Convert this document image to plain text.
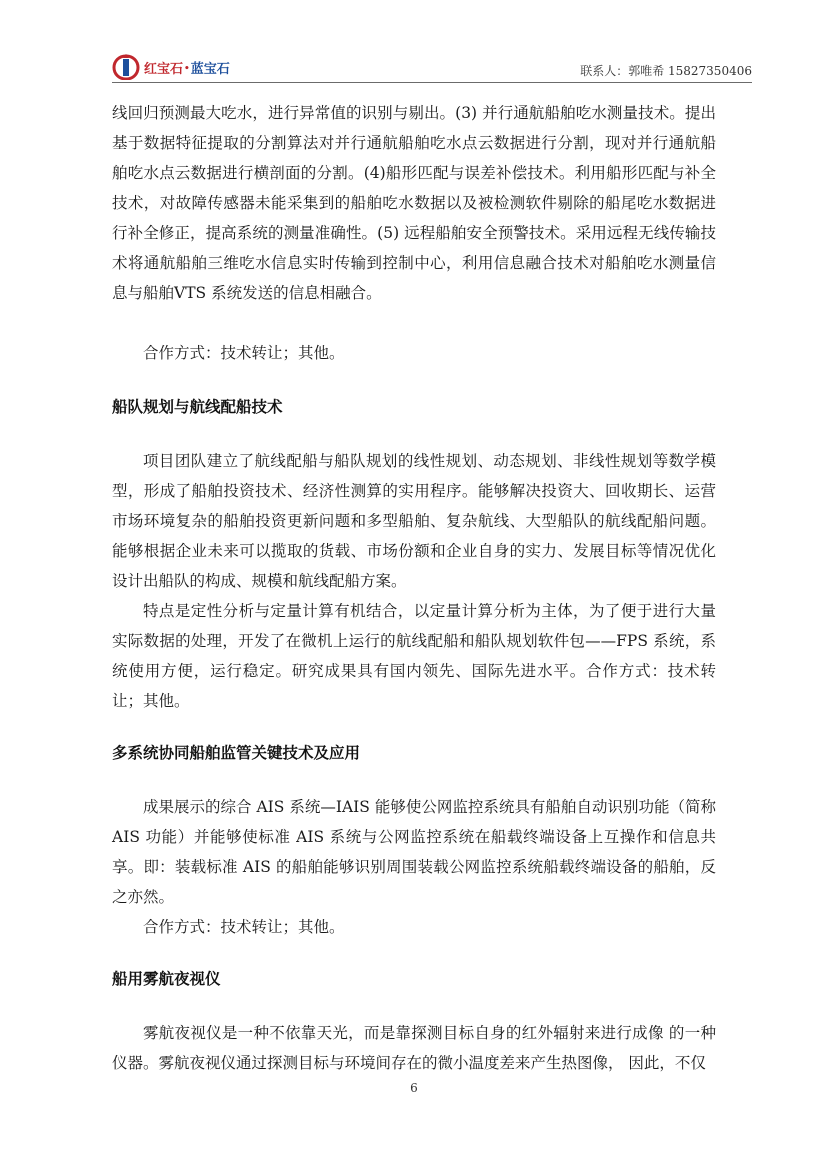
红宝石•蓝宝石	联系人：郭唯希 15827350406

线回归预测最大吃水，进行异常值的识别与剔出。(3) 并行通航船舶吃水测量技术。提出基于数据特征提取的分割算法对并行通航船舶吃水点云数据进行分割，现对并行通航船舶吃水点云数据进行横剖面的分割。(4)船形匹配与误差补偿技术。利用船形匹配与补全技术，对故障传感器未能采集到的船舶吃水数据以及被检测软件剔除的船尾吃水数据进行补全修正，提高系统的测量准确性。(5) 远程船舶安全预警技术。采用远程无线传输技术将通航船舶三维吃水信息实时传输到控制中心，利用信息融合技术对船舶吃水测量信息与船舶VTS 系统发送的信息相融合。

合作方式：技术转让；其他。

船队规划与航线配船技术

项目团队建立了航线配船与船队规划的线性规划、动态规划、非线性规划等数学模型，形成了船舶投资技术、经济性测算的实用程序。能够解决投资大、回收期长、运营市场环境复杂的船舶投资更新问题和多型船舶、复杂航线、大型船队的航线配船问题。能够根据企业未来可以揽取的货载、市场份额和企业自身的实力、发展目标等情况优化设计出船队的构成、规模和航线配船方案。

特点是定性分析与定量计算有机结合，以定量计算分析为主体，为了便于进行大量实际数据的处理，开发了在微机上运行的航线配船和船队规划软件包——FPS 系统，系统使用方便，运行稳定。研究成果具有国内领先、国际先进水平。合作方式：技术转让；其他。

多系统协同船舶监管关键技术及应用

成果展示的综合 AIS 系统—IAIS 能够使公网监控系统具有船舶自动识别功能（简称 AIS 功能）并能够使标准 AIS 系统与公网监控系统在船载终端设备上互操作和信息共享。即：装载标准 AIS 的船舶能够识别周围装载公网监控系统船载终端设备的船舶，反之亦然。

合作方式：技术转让；其他。

船用雾航夜视仪

雾航夜视仪是一种不依靠天光，而是靠探测目标自身的红外辐射来进行成像 的一种仪器。雾航夜视仪通过探测目标与环境间存在的微小温度差来产生热图像， 因此，不仅

6
